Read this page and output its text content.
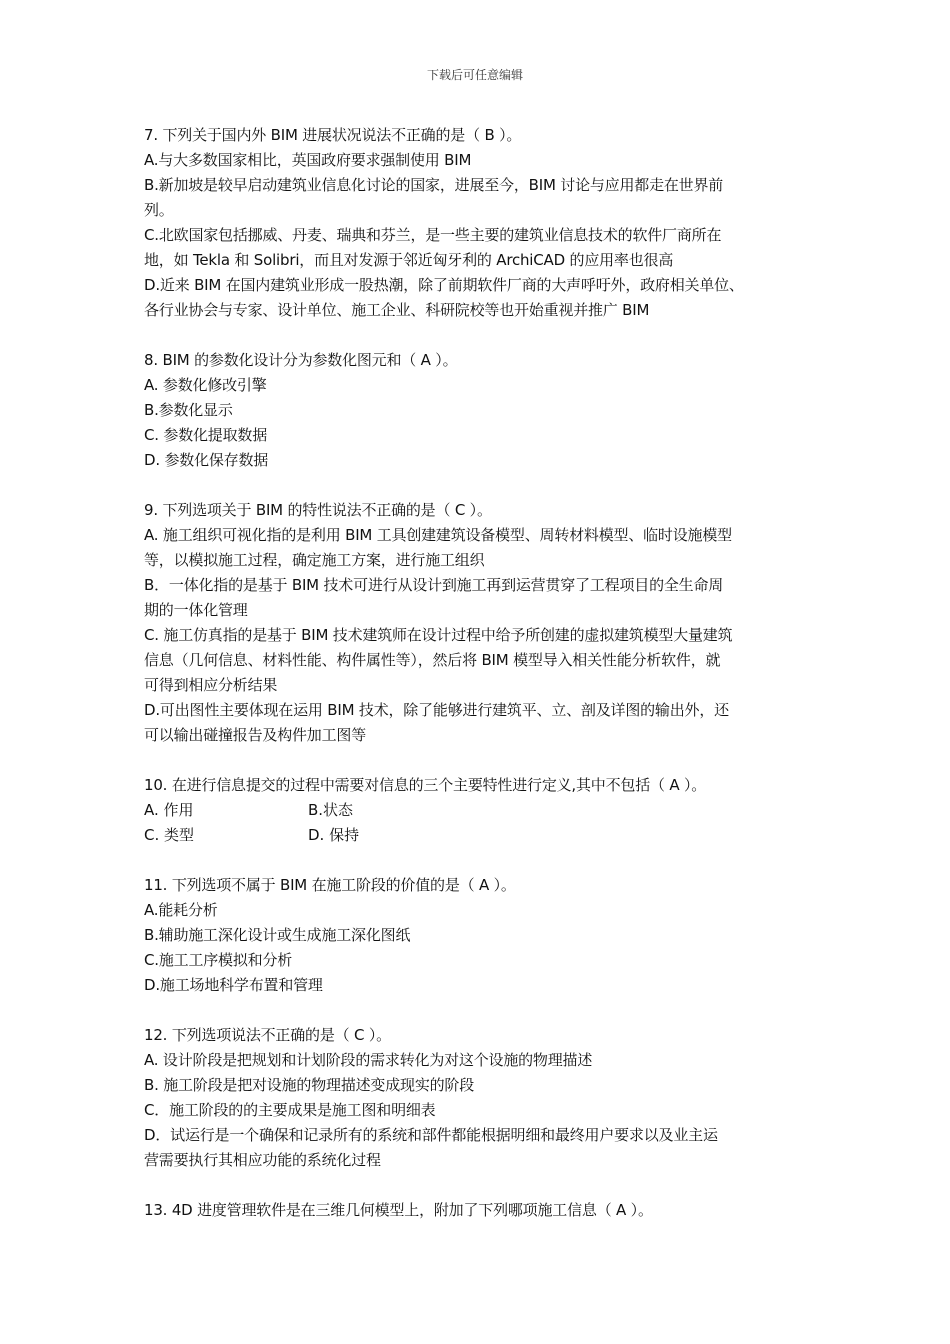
下载后可任意编辑
7. 下列关于国内外 BIM 进展状况说法不正确的是（ B ）。
A.与大多数国家相比，英国政府要求强制使用 BIM
B.新加坡是较早启动建筑业信息化讨论的国家，进展至今，BIM 讨论与应用都走在世界前
列。
C.北欧国家包括挪威、丹麦、瑞典和芬兰，是一些主要的建筑业信息技术的软件厂商所在
地，如 Tekla 和 Solibri，而且对发源于邻近匈牙利的 ArchiCAD 的应用率也很高
D.近来 BIM 在国内建筑业形成一股热潮，除了前期软件厂商的大声呼吁外，政府相关单位、
各行业协会与专家、设计单位、施工企业、科研院校等也开始重视并推广 BIM
8. BIM 的参数化设计分为参数化图元和（ A ）。
A. 参数化修改引擎
B.参数化显示
C. 参数化提取数据
D. 参数化保存数据
9. 下列选项关于 BIM 的特性说法不正确的是（ C ）。
A. 施工组织可视化指的是利用 BIM 工具创建建筑设备模型、周转材料模型、临时设施模型
等，以模拟施工过程，确定施工方案，进行施工组织
B．一体化指的是基于 BIM 技术可进行从设计到施工再到运营贯穿了工程项目的全生命周
期的一体化管理
C. 施工仿真指的是基于 BIM 技术建筑师在设计过程中给予所创建的虚拟建筑模型大量建筑
信息（几何信息、材料性能、构件属性等），然后将 BIM 模型导入相关性能分析软件，就
可得到相应分析结果
D.可出图性主要体现在运用 BIM 技术，除了能够进行建筑平、立、剖及详图的输出外，还
可以输出碰撞报告及构件加工图等
10. 在进行信息提交的过程中需要对信息的三个主要特性进行定义,其中不包括（ A ）。
A. 作用	B.状态
C. 类型	D. 保持
11. 下列选项不属于 BIM 在施工阶段的价值的是（ A ）。
A.能耗分析
B.辅助施工深化设计或生成施工深化图纸
C.施工工序模拟和分析
D.施工场地科学布置和管理
12. 下列选项说法不正确的是（ C ）。
A. 设计阶段是把规划和计划阶段的需求转化为对这个设施的物理描述
B. 施工阶段是把对设施的物理描述变成现实的阶段
C．施工阶段的的主要成果是施工图和明细表
D．试运行是一个确保和记录所有的系统和部件都能根据明细和最终用户要求以及业主运
营需要执行其相应功能的系统化过程
13. 4D 进度管理软件是在三维几何模型上，附加了下列哪项施工信息（ A ）。
